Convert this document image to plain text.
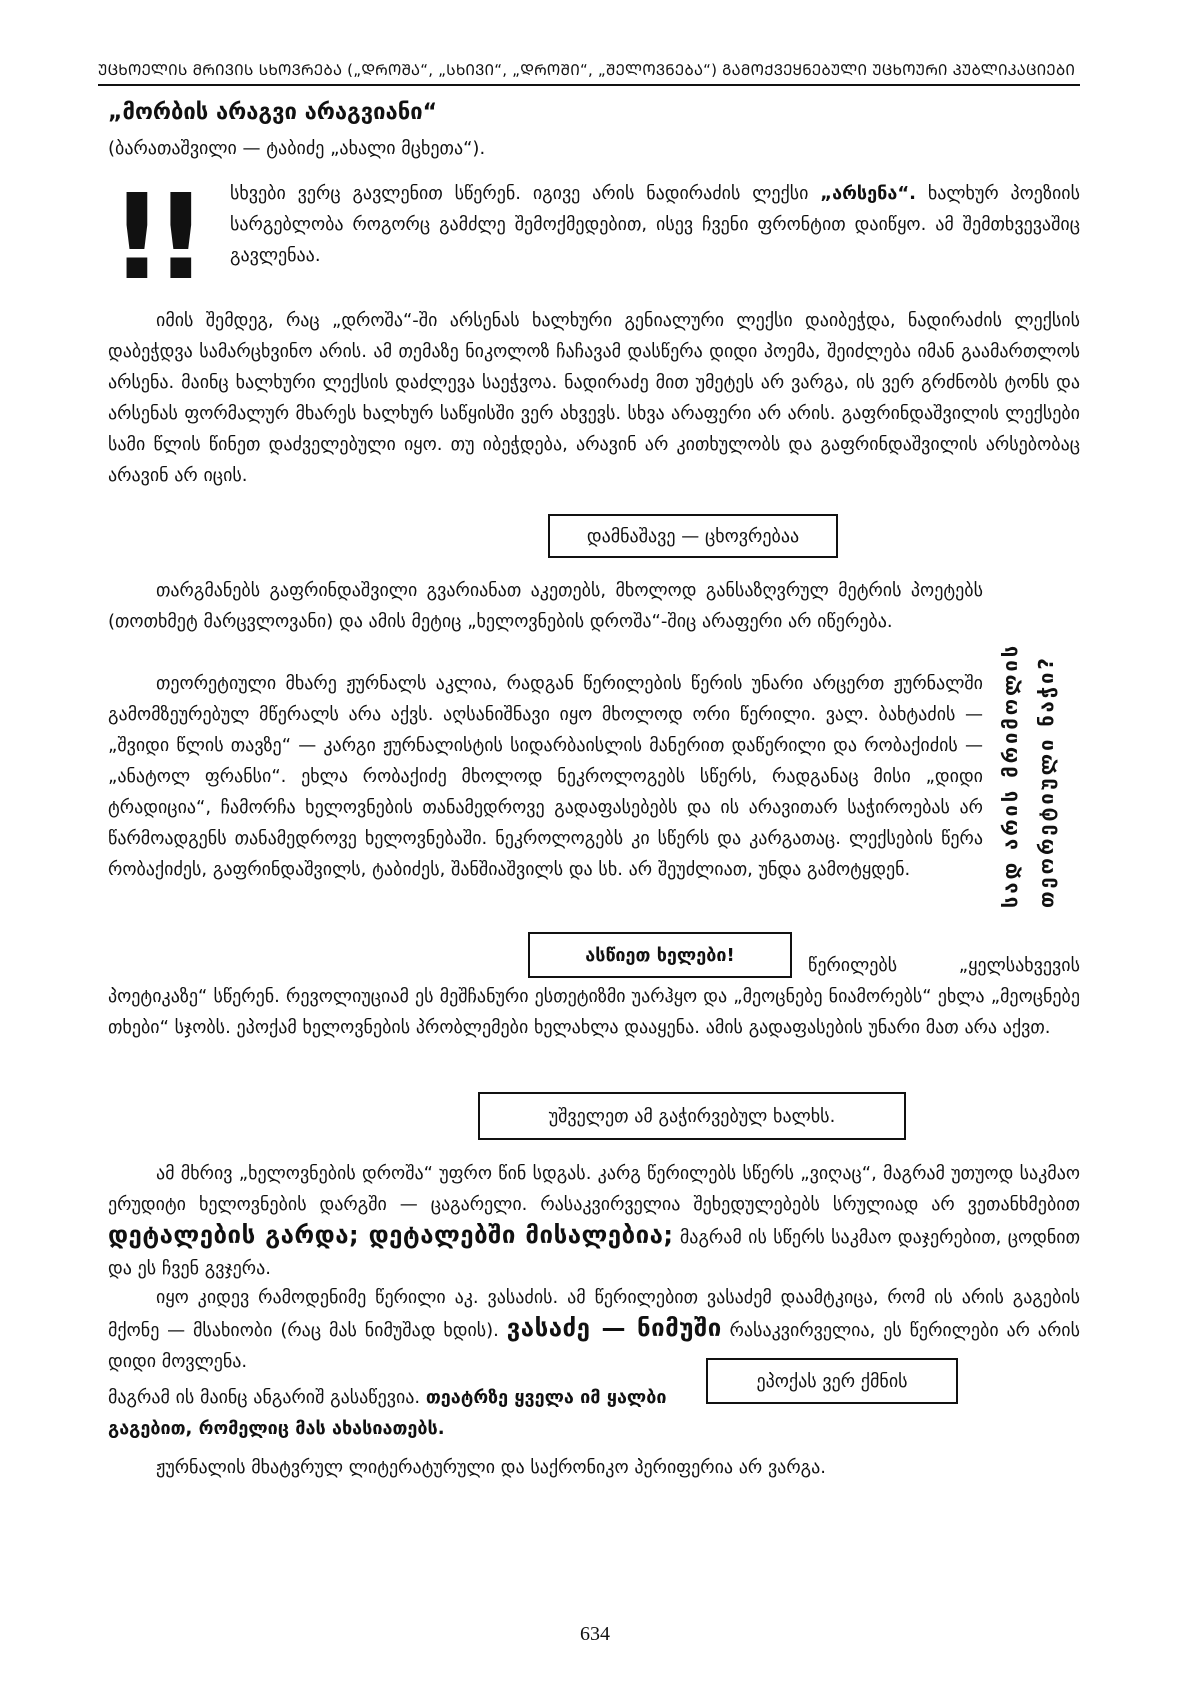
ᲣᲪᲮᲝᲔᲚᲘᲡ ᲛᲠᲘᲕᲘᲡ ᲡᲮᲝᲕᲠᲔᲑᲐ („ᲓᲠᲝᲨᲐ“, „ᲡᲮᲘᲕᲘ“, „ᲓᲠᲝᲨᲘ“, „ᲨᲔᲚᲝᲕᲜᲔᲑᲐ“) ᲒᲐᲛᲝᲥᲕᲔᲧᲜᲔᲑᲣᲚᲘ ᲣᲪᲮᲝᲣᲠᲘ ᲞᲣᲑᲚᲘᲙᲐᲪᲘᲔᲑᲘ
„მორბის არაგვი არაგვიანი“
(ბარათაშვილი — ტაბიძე „ახალი მცხეთა“).
!! სხვები ვერც გავლენით სწერენ. იგივე არის ნადირაძის ლექსი „არსენა“. ხალხურ პოეზიის სარგებლობა როგორც გამძლე შემოქმედებით, ისევ ჩვენი ფრონტით დაიწყო. ამ შემთხვევაშიც გავლენაა.
იმის შემდეგ, რაც „დროშა“-ში არსენას ხალხური გენიალური ლექსი დაიბეჭდა, ნადირაძის ლექსის დაბეჭდვა სამარცხვინო არის. ამ თემაზე ნიკოლოზ ჩაჩავამ დასწერა დიდი პოემა, შეიძლება იმან გაამართლოს არსენა. მაინც ხალხური ლექსის დაძლევა საეჭვოა. ნადირაძე მით უმეტეს არ ვარგა, ის ვერ გრძნობს ტონს და არსენას ფორმალურ მხარეს ხალხურ საწყისში ვერ ახვევს. სხვა არაფერი არ არის. გაფრინდაშვილის ლექსები სამი წლის წინეთ დაძველებული იყო. თუ იბეჭდება, არავინ არ კითხულობს და გაფრინდაშვილის არსებობაც არავინ არ იცის.
დამნაშავე — ცხოვრებაა
თარგმანებს გაფრინდაშვილი გვარიანათ აკეთებს, მხოლოდ განსაზღვრულ მეტრის პოეტებს (თოთხმეტ მარცვლოვანი) და ამის მეტიც „ხელოვნების დროშა“-შიც არაფერი არ იწერება.
თეორეტიული მხარე ჟურნალს აკლია, რადგან წერილების წერის უნარი არცერთ ჟურნალში გამომზეურებულ მწერალს არა აქვს. აღსანიშნავი იყო მხოლოდ ორი წერილი. ვალ. ბახტაძის — „შვიდი წლის თავზე“ — კარგი ჟურნალისტის სიდარბაისლის მანერით დაწერილი და რობაქიძის — „ანატოლ ფრანსი“. ეხლა რობაქიძე მხოლოდ ნეკროლოგებს სწერს, რადგანაც მისი „დიდი ტრადიცია“, ჩამორჩა ხელოვნების თანამედროვე გადაფასებებს და ის არავითარ საჭიროებას არ წარმოადგენს თანამედროვე ხელოვნებაში. ნეკროლოგებს კი სწერს და კარგათაც. ლექსების წერა რობაქიძეს, გაფრინდაშვილს, ტაბიძეს, შანშიაშვილს და სხ. არ შეუძლიათ, უნდა გამოტყდენ.
ასწიეთ ხელები!	წერილებს „ყელსახვევის პოეტიკაზე“ სწერენ. რევოლიუციამ ეს მეშჩანური ესთეტიზმი უარჰყო და „მეოცნებე ნიამორებს“ ეხლა „მეოცნებე თხები“ სჯობს. ეპოქამ ხელოვნების პრობლემები ხელახლა დააყენა. ამის გადაფასების უნარი მათ არა აქვთ.
სად არის მრიმოლის თეორეტიული ნაჭი?
უშველეთ ამ გაჭირვებულ ხალხს.
ამ მხრივ „ხელოვნების დროშა“ უფრო წინ სდგას. კარგ წერილებს სწერს „ვიღაც“, მაგრამ უთუოდ საკმაო ერუდიტი ხელოვნების დარგში — ცაგარელი. რასაკვირველია შეხედულებებს სრულიად არ ვეთანხმებით დეტალების გარდა; დეტალებში მისალებია; მაგრამ ის სწერს საკმაო დაჯერებით, ცოდნით და ეს ჩვენ გვჯერა.
იყო კიდევ რამოდენიმე წერილი აკ. ვასაძის. ამ წერილებით ვასაძემ დაამტკიცა, რომ ის არის გაგების მქონე — მსახიობი (რაც მას ნიმუშად ხდის). ვასაძე — ნიმუში რასაკვირველია, ეს წერილები არ არის დიდი მოვლენა.
ეპოქას ვერ ქმნის
მაგრამ ის მაინც ანგარიშ გასაწევია. თეატრზე ყველა იმ ყალბი
გაგებით, რომელიც მას ახასიათებს.
ჟურნალის მხატვრულ ლიტერატურული და საქრონიკო პერიფერია არ ვარგა.
634
